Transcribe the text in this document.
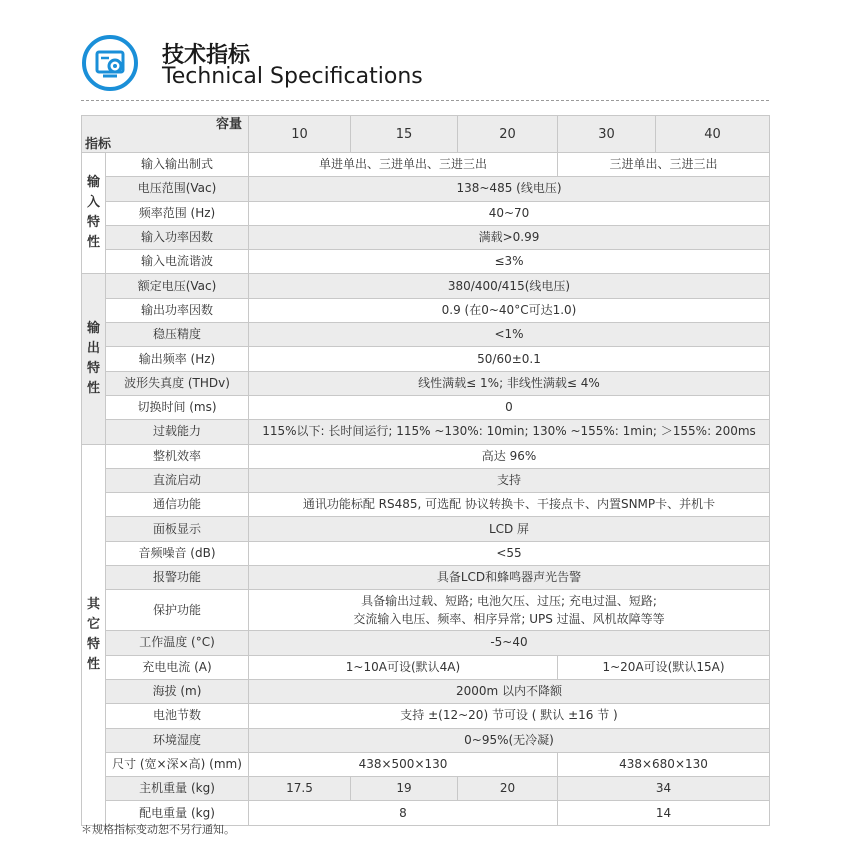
技术指标
Technical Specifications
容量
指标		10	15	20	30	40
输
入
特
性	输入输出制式	单进单出、三进单出、三进三出			三进单出、三进三出	
	电压范围(Vac)	138~485 (线电压)				
	频率范围 (Hz)	40~70				
	输入功率因数	满载>0.99				
	输入电流谐波	≤3%				
输
出
特
性	额定电压(Vac)	380/400/415(线电压)				
	输出功率因数	0.9 (在0~40°C可达1.0)				
	稳压精度	<1%				
	输出频率 (Hz)	50/60±0.1				
	波形失真度 (THDv)	线性满载≤ 1%; 非线性满载≤ 4%				
	切换时间 (ms)	0				
	过载能力	115%以下: 长时间运行; 115% ~130%: 10min; 130% ~155%: 1min; ＞155%: 200ms				
其
它
特
性	整机效率	高达 96%				
	直流启动	支持				
	通信功能	通讯功能标配 RS485, 可选配 协议转换卡、干接点卡、内置SNMP卡、并机卡				
	面板显示	LCD 屏				
	音频噪音 (dB)	<55				
	报警功能	具备LCD和蜂鸣器声光告警				
	保护功能	具备输出过载、短路; 电池欠压、过压; 充电过温、短路;
交流输入电压、频率、相序异常; UPS 过温、风机故障等等				

	工作温度 (°C)	-5~40				
	充电电流 (A)	1~10A可设(默认4A)			1~20A可设(默认15A)	
	海拔 (m)	2000m 以内不降额				
	电池节数	支持 ±(12~20) 节可设 ( 默认 ±16 节 )				
	环境湿度	0~95%(无冷凝)				
	尺寸 (宽×深×高) (mm)	438×500×130			438×680×130	
	主机重量 (kg)	17.5	19	20	34	
	配电重量 (kg)	8			14	
＊规格指标变动恕不另行通知。
